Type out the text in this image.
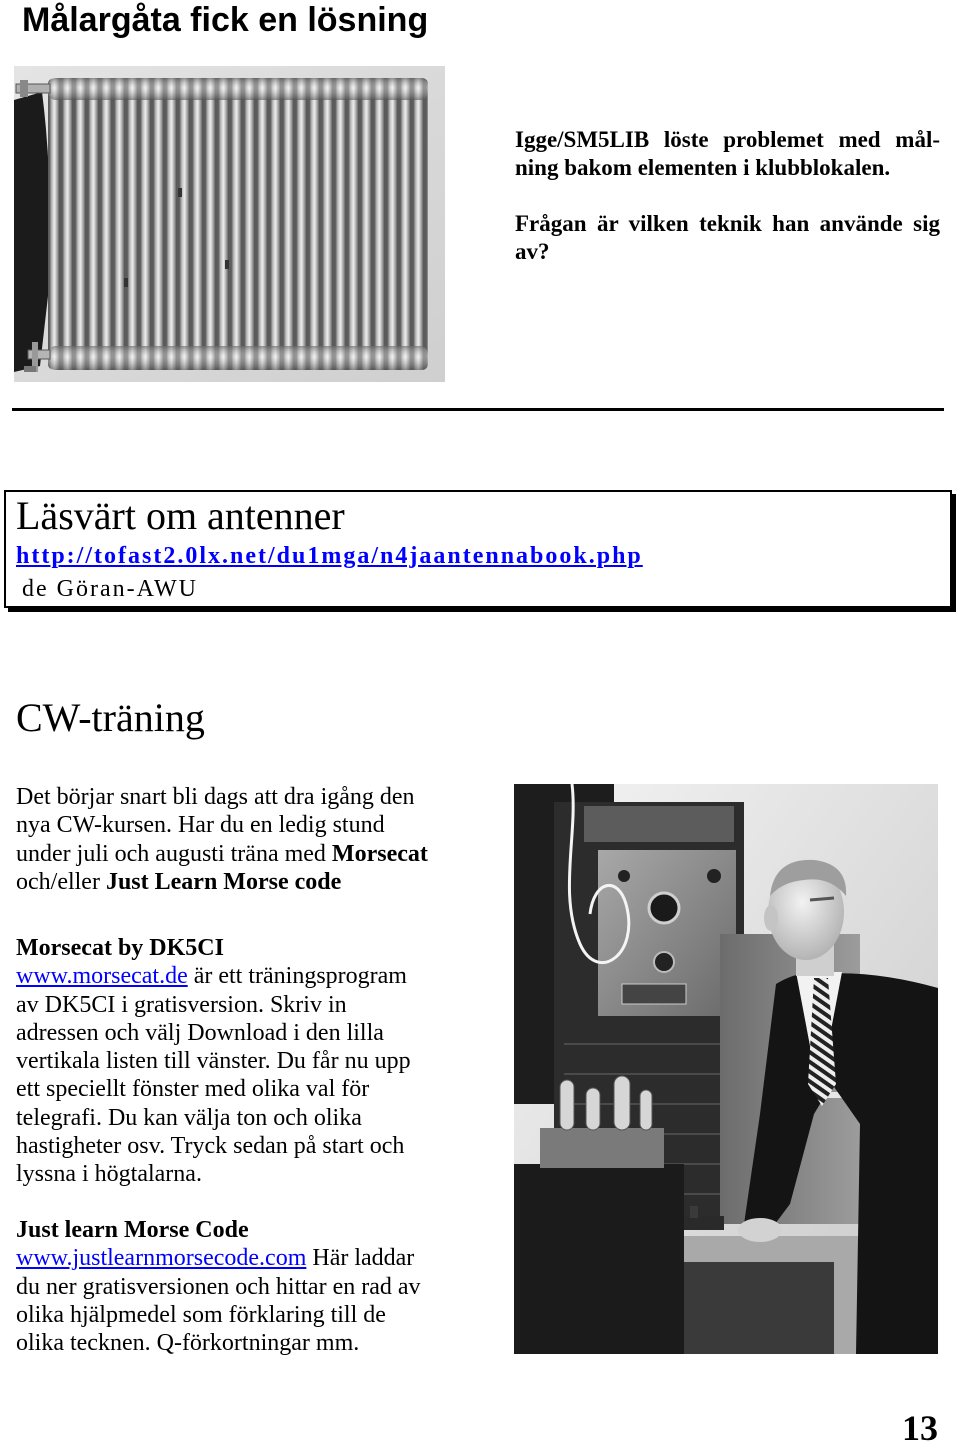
Målargåta fick en lösning
Igge/SM5LIB löste problemet med mål-
ning bakom elementen i klubblokalen.
Frågan är vilken teknik han använde sig
av?
Läsvärt om antenner
http://tofast2.0lx.net/du1mga/n4jaantennabook.php
de Göran-AWU
CW-träning
Det börjar snart bli dags att dra igång den
nya CW-kursen. Har du en ledig stund
under juli och augusti träna med Morsecat
och/eller Just Learn Morse code
Morsecat by DK5CI
www.morsecat.de är ett träningsprogram
av DK5CI i gratisversion. Skriv in
adressen och välj Download i den lilla
vertikala listen till vänster. Du får nu upp
ett speciellt fönster med olika val för
telegrafi. Du kan välja ton och olika
hastigheter osv. Tryck sedan på start och
lyssna i högtalarna.
Just learn Morse Code
www.justlearnmorsecode.com Här laddar
du ner gratisversionen och hittar en rad av
olika hjälpmedel som förklaring till de
olika tecknen. Q-förkortningar mm.
13
